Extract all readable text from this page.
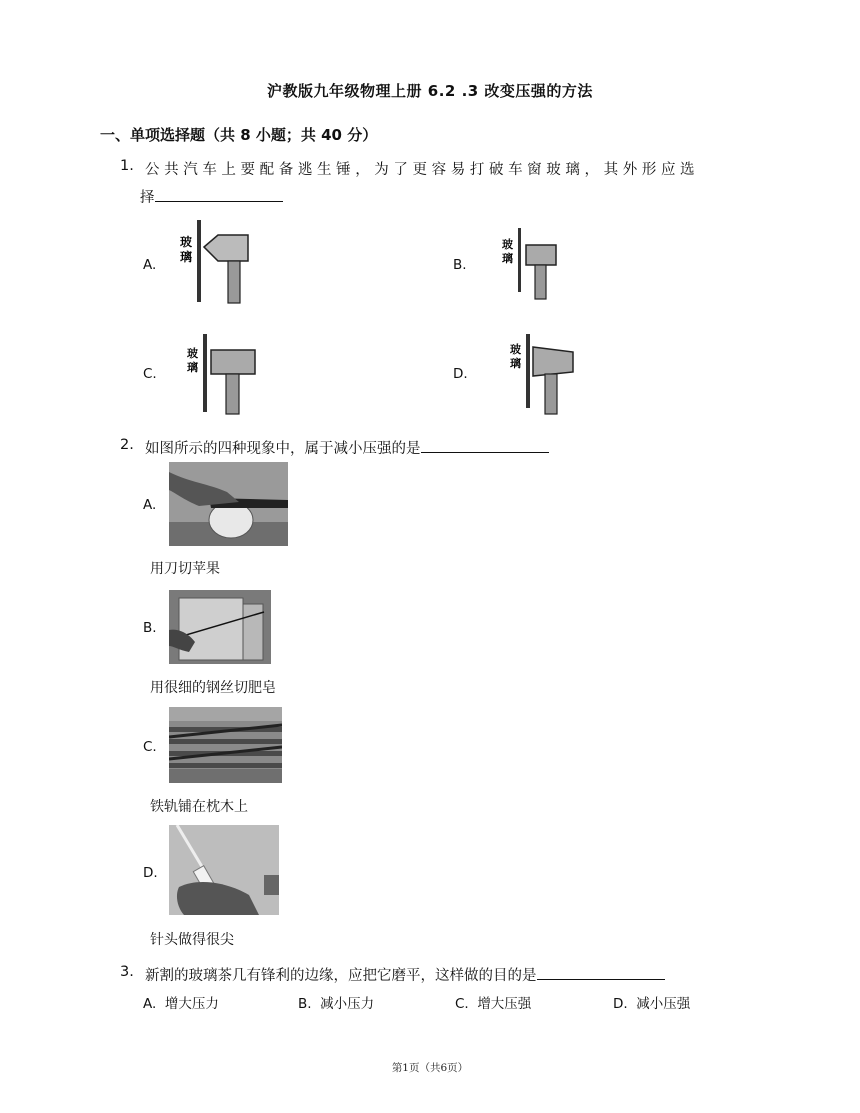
沪教版九年级物理上册 6.2 .3 改变压强的方法
一、单项选择题（共 8 小题；共 40 分）
1. 公 共 汽 车 上 要 配 备 逃 生 锤 ， 为 了 更 容 易 打 破 车 窗 玻 璃 ， 其 外 形 应 选
择
A.
玻
璃	B.
玻
璃
C.
玻
璃	D.
玻
璃
2. 如图所示的四种现象中，属于减小压强的是
A.
用刀切苹果
B.
用很细的钢丝切肥皂
C.
铁轨铺在枕木上
D.
针头做得很尖
3. 新割的玻璃茶几有锋利的边缘，应把它磨平，这样做的目的是
A. 增大压力	B. 减小压力	C. 增大压强	D. 减小压强
第1页（共6页）
